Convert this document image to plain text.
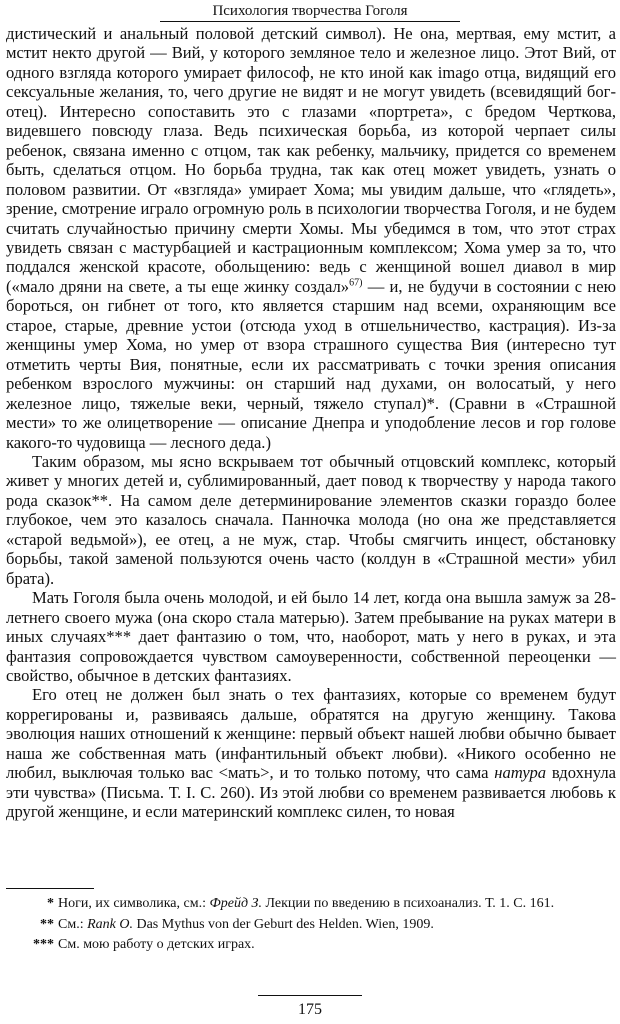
Психология творчества Гоголя

дистический и анальный половой детский символ). Не она, мертвая, ему мстит, а мстит некто другой — Вий, у которого земляное тело и железное лицо. Этот Вий, от одного взгляда которого умирает философ, не кто иной как imago отца, видящий его сексуальные желания, то, чего другие не видят и не могут увидеть (всевидящий бог-отец). Интересно сопоставить это с глазами «портрета», с бредом Черткова, видевшего повсюду глаза. Ведь психическая борьба, из которой черпает силы ребенок, связана именно с отцом, так как ребенку, мальчику, придется со временем быть, сделаться отцом. Но борьба трудна, так как отец может увидеть, узнать о половом развитии. От «взгляда» умирает Хома; мы увидим дальше, что «глядеть», зрение, смотрение играло огромную роль в психологии творчества Гоголя, и не будем считать случайностью причину смерти Хомы. Мы убедимся в том, что этот страх увидеть связан с мастурбацией и кастрационным комплексом; Хома умер за то, что поддался женской красоте, обольщению: ведь с женщиной вошел диавол в мир («мало дряни на свете, а ты еще жинку создал»$^{67)}$ — и, не будучи в состоянии с нею бороться, он гибнет от того, кто является старшим над всеми, охраняющим все старое, старые, древние устои (отсюда уход в отшельничество, кастрация). Из-за женщины умер Хома, но умер от взора страшного существа Вия (интересно тут отметить черты Вия, понятные, если их рассматривать с точки зрения описания ребенком взрослого мужчины: он старший над духами, он волосатый, у него железное лицо, тяжелые веки, черный, тяжело ступал)*. (Сравни в «Страшной мести» то же олицетворение — описание Днепра и уподобление лесов и гор голове какого-то чудовища — лесного деда.)

Таким образом, мы ясно вскрываем тот обычный отцовский комплекс, который живет у многих детей и, сублимированный, дает повод к творчеству у народа такого рода сказок**. На самом деле детерминирование элементов сказки гораздо более глубокое, чем это казалось сначала. Панночка молода (но она же представляется «старой ведьмой»), ее отец, а не муж, стар. Чтобы смягчить инцест, обстановку борьбы, такой заменой пользуются очень часто (колдун в «Страшной мести» убил брата).

Мать Гоголя была очень молодой, и ей было 14 лет, когда она вышла замуж за 28-летнего своего мужа (она скоро стала матерью). Затем пребывание на руках матери в иных случаях*** дает фантазию о том, что, наоборот, мать у него в руках, и эта фантазия сопровождается чувством самоуверенности, собственной переоценки — свойство, обычное в детских фантазиях.

Его отец не должен был знать о тех фантазиях, которые со временем будут коррегированы и, развиваясь дальше, обратятся на другую женщину. Такова эволюция наших отношений к женщине: первый объект нашей любви обычно бывает наша же собственная мать (инфантильный объект любви). «Никого особенно не любил, выключая только вас <мать>, и то только потому, что сама натура вдохнула эти чувства» (Письма. Т. I. С. 260). Из этой любви со временем развивается любовь к другой женщине, и если материнский комплекс силен, то новая

* Ноги, их символика, см.: Фрейд З. Лекции по введению в психоанализ. Т. 1. С. 161.
** См.: Rank O. Das Mythus von der Geburt des Helden. Wien, 1909.
*** См. мою работу о детских играх.
175
